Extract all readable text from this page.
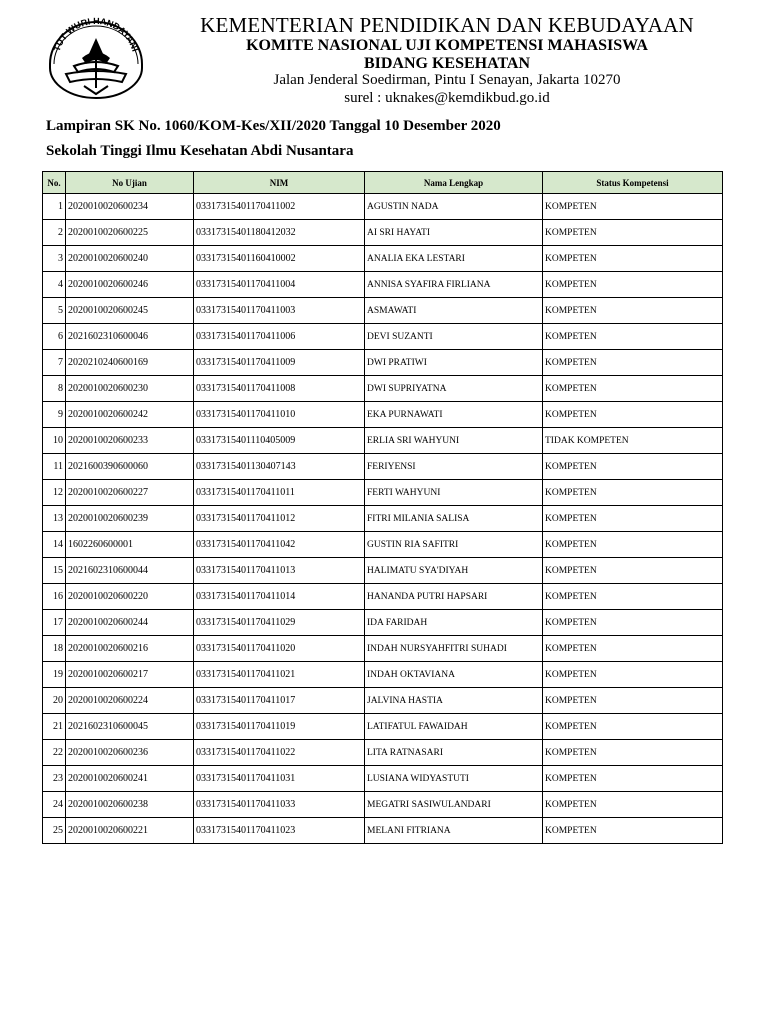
TUT WURI HANDAYANI
KEMENTERIAN PENDIDIKAN DAN KEBUDAYAAN
KOMITE NASIONAL UJI KOMPETENSI MAHASISWA
BIDANG KESEHATAN
Jalan Jenderal Soedirman, Pintu I Senayan, Jakarta 10270
surel : uknakes@kemdikbud.go.id
Lampiran SK No. 1060/KOM-Kes/XII/2020 Tanggal 10 Desember 2020
Sekolah Tinggi Ilmu Kesehatan Abdi Nusantara
No.	No Ujian	NIM	Nama Lengkap	Status Kompetensi
1	2020010020600234	03317315401170411002	AGUSTIN NADA	KOMPETEN
2	2020010020600225	03317315401180412032	AI SRI HAYATI	KOMPETEN
3	2020010020600240	03317315401160410002	ANALIA EKA LESTARI	KOMPETEN
4	2020010020600246	03317315401170411004	ANNISA SYAFIRA FIRLIANA	KOMPETEN
5	2020010020600245	03317315401170411003	ASMAWATI	KOMPETEN
6	2021602310600046	03317315401170411006	DEVI SUZANTI	KOMPETEN
7	2020210240600169	03317315401170411009	DWI PRATIWI	KOMPETEN
8	2020010020600230	03317315401170411008	DWI SUPRIYATNA	KOMPETEN
9	2020010020600242	03317315401170411010	EKA PURNAWATI	KOMPETEN
10	2020010020600233	03317315401110405009	ERLIA SRI WAHYUNI	TIDAK KOMPETEN
11	2021600390600060	03317315401130407143	FERIYENSI	KOMPETEN
12	2020010020600227	03317315401170411011	FERTI WAHYUNI	KOMPETEN
13	2020010020600239	03317315401170411012	FITRI MILANIA SALISA	KOMPETEN
14	1602260600001	03317315401170411042	GUSTIN RIA SAFITRI	KOMPETEN
15	2021602310600044	03317315401170411013	HALIMATU SYA'DIYAH	KOMPETEN
16	2020010020600220	03317315401170411014	HANANDA PUTRI HAPSARI	KOMPETEN
17	2020010020600244	03317315401170411029	IDA FARIDAH	KOMPETEN
18	2020010020600216	03317315401170411020	INDAH NURSYAHFITRI SUHADI	KOMPETEN
19	2020010020600217	03317315401170411021	INDAH OKTAVIANA	KOMPETEN
20	2020010020600224	03317315401170411017	JALVINA HASTIA	KOMPETEN
21	2021602310600045	03317315401170411019	LATIFATUL FAWAIDAH	KOMPETEN
22	2020010020600236	03317315401170411022	LITA RATNASARI	KOMPETEN
23	2020010020600241	03317315401170411031	LUSIANA WIDYASTUTI	KOMPETEN
24	2020010020600238	03317315401170411033	MEGATRI SASIWULANDARI	KOMPETEN
25	2020010020600221	03317315401170411023	MELANI FITRIANA	KOMPETEN
